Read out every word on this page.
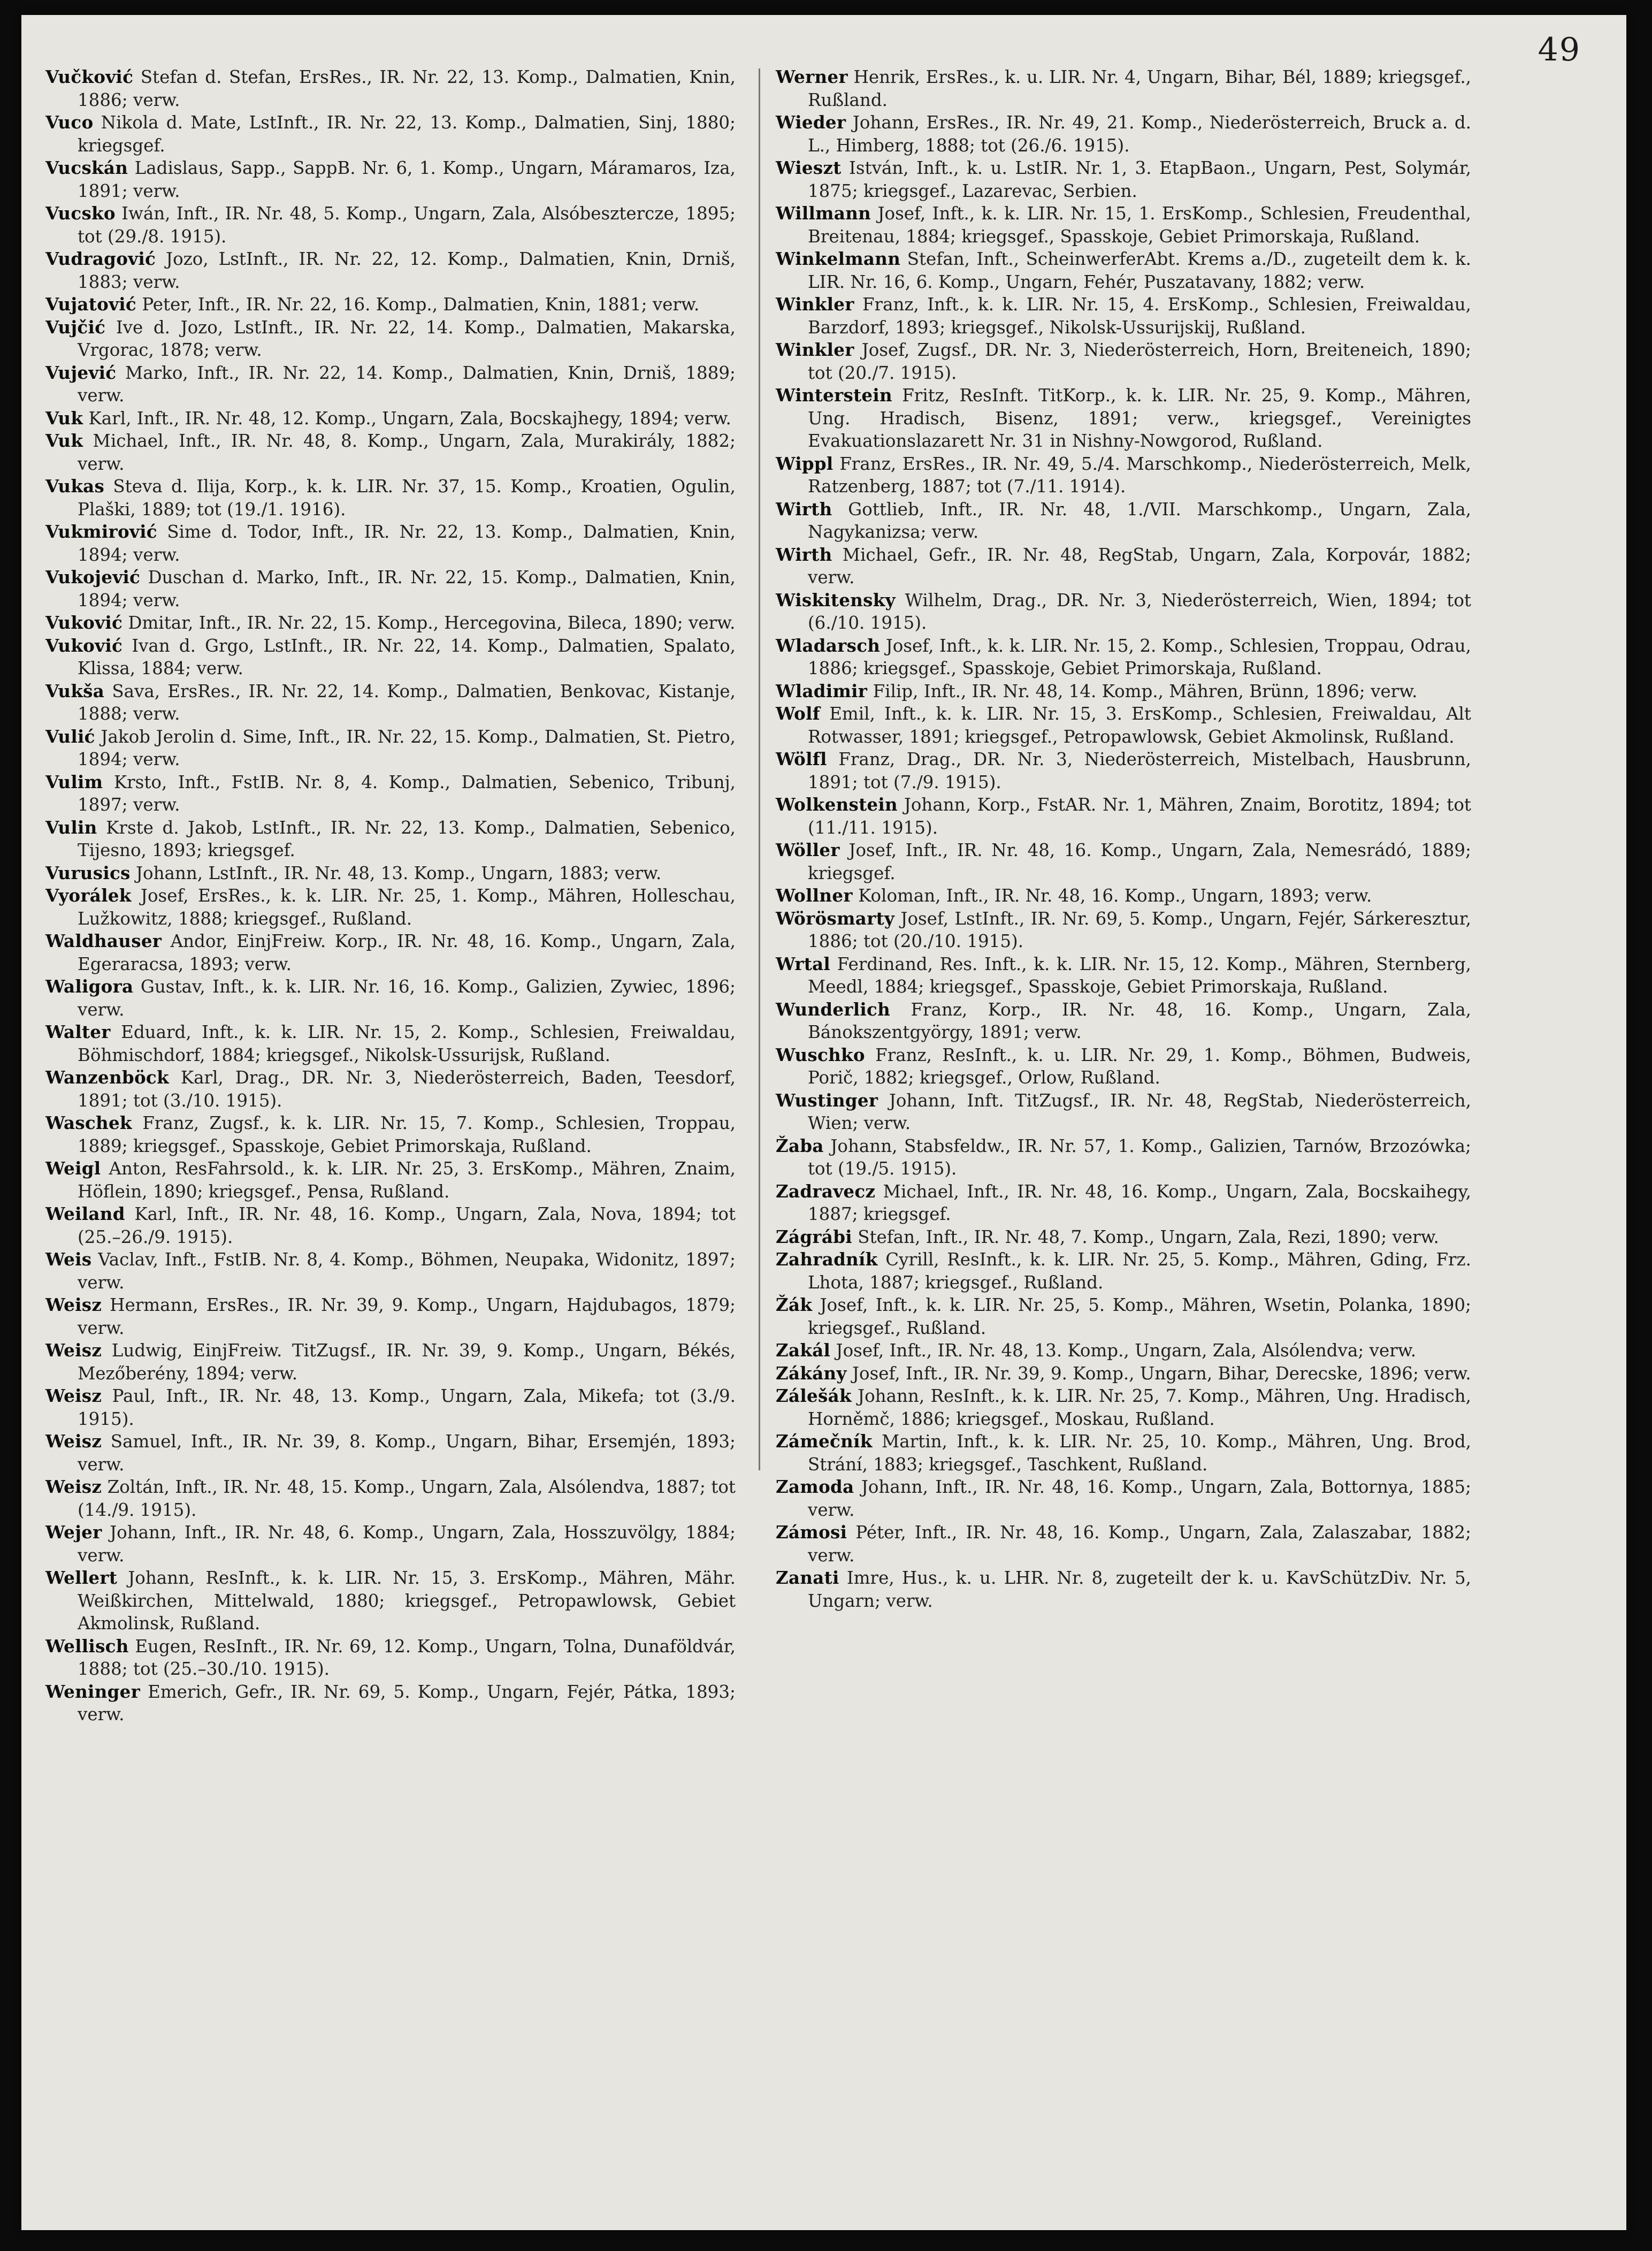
49

Vučković Stefan d. Stefan, ErsRes., IR. Nr. 22, 13. Komp., Dalmatien, Knin, 1886; verw.

Vuco Nikola d. Mate, LstInft., IR. Nr. 22, 13. Komp., Dalmatien, Sinj, 1880; kriegsgef.

Vucskán Ladislaus, Sapp., SappB. Nr. 6, 1. Komp., Ungarn, Máramaros, Iza, 1891; verw.

Vucsko Iwán, Inft., IR. Nr. 48, 5. Komp., Ungarn, Zala, Alsóbesztercze, 1895; tot (29./8. 1915).

Vudragović Jozo, LstInft., IR. Nr. 22, 12. Komp., Dalmatien, Knin, Drniš, 1883; verw.

Vujatović Peter, Inft., IR. Nr. 22, 16. Komp., Dalmatien, Knin, 1881; verw.

Vujčić Ive d. Jozo, LstInft., IR. Nr. 22, 14. Komp., Dalmatien, Makarska, Vrgorac, 1878; verw.

Vujević Marko, Inft., IR. Nr. 22, 14. Komp., Dalmatien, Knin, Drniš, 1889; verw.

Vuk Karl, Inft., IR. Nr. 48, 12. Komp., Ungarn, Zala, Bocskajhegy, 1894; verw.

Vuk Michael, Inft., IR. Nr. 48, 8. Komp., Ungarn, Zala, Murakirály, 1882; verw.

Vukas Steva d. Ilija, Korp., k. k. LIR. Nr. 37, 15. Komp., Kroatien, Ogulin, Plaški, 1889; tot (19./1. 1916).

Vukmirović Sime d. Todor, Inft., IR. Nr. 22, 13. Komp., Dalmatien, Knin, 1894; verw.

Vukojević Duschan d. Marko, Inft., IR. Nr. 22, 15. Komp., Dalmatien, Knin, 1894; verw.

Vuković Dmitar, Inft., IR. Nr. 22, 15. Komp., Hercegovina, Bileca, 1890; verw.

Vuković Ivan d. Grgo, LstInft., IR. Nr. 22, 14. Komp., Dalmatien, Spalato, Klissa, 1884; verw.

Vukša Sava, ErsRes., IR. Nr. 22, 14. Komp., Dalmatien, Benkovac, Kistanje, 1888; verw.

Vulić Jakob Jerolin d. Sime, Inft., IR. Nr. 22, 15. Komp., Dalmatien, St. Pietro, 1894; verw.

Vulim Krsto, Inft., FstIB. Nr. 8, 4. Komp., Dalmatien, Sebenico, Tribunj, 1897; verw.

Vulin Krste d. Jakob, LstInft., IR. Nr. 22, 13. Komp., Dalmatien, Sebenico, Tijesno, 1893; kriegsgef.

Vurusics Johann, LstInft., IR. Nr. 48, 13. Komp., Ungarn, 1883; verw.

Vyorálek Josef, ErsRes., k. k. LIR. Nr. 25, 1. Komp., Mähren, Holleschau, Lužkowitz, 1888; kriegsgef., Rußland.

Waldhauser Andor, EinjFreiw. Korp., IR. Nr. 48, 16. Komp., Ungarn, Zala, Egeraracsa, 1893; verw.

Waligora Gustav, Inft., k. k. LIR. Nr. 16, 16. Komp., Galizien, Zywiec, 1896; verw.

Walter Eduard, Inft., k. k. LIR. Nr. 15, 2. Komp., Schlesien, Freiwaldau, Böhmischdorf, 1884; kriegsgef., Nikolsk-Ussurijsk, Rußland.

Wanzenböck Karl, Drag., DR. Nr. 3, Niederösterreich, Baden, Teesdorf, 1891; tot (3./10. 1915).

Waschek Franz, Zugsf., k. k. LIR. Nr. 15, 7. Komp., Schlesien, Troppau, 1889; kriegsgef., Spasskoje, Gebiet Primorskaja, Rußland.

Weigl Anton, ResFahrsold., k. k. LIR. Nr. 25, 3. ErsKomp., Mähren, Znaim, Höflein, 1890; kriegsgef., Pensa, Rußland.

Weiland Karl, Inft., IR. Nr. 48, 16. Komp., Ungarn, Zala, Nova, 1894; tot (25.–26./9. 1915).

Weis Vaclav, Inft., FstIB. Nr. 8, 4. Komp., Böhmen, Neupaka, Widonitz, 1897; verw.

Weisz Hermann, ErsRes., IR. Nr. 39, 9. Komp., Ungarn, Hajdubagos, 1879; verw.

Weisz Ludwig, EinjFreiw. TitZugsf., IR. Nr. 39, 9. Komp., Ungarn, Békés, Mezőberény, 1894; verw.

Weisz Paul, Inft., IR. Nr. 48, 13. Komp., Ungarn, Zala, Mikefa; tot (3./9. 1915).

Weisz Samuel, Inft., IR. Nr. 39, 8. Komp., Ungarn, Bihar, Ersemjén, 1893; verw.

Weisz Zoltán, Inft., IR. Nr. 48, 15. Komp., Ungarn, Zala, Alsólendva, 1887; tot (14./9. 1915).

Wejer Johann, Inft., IR. Nr. 48, 6. Komp., Ungarn, Zala, Hosszuvölgy, 1884; verw.

Wellert Johann, ResInft., k. k. LIR. Nr. 15, 3. ErsKomp., Mähren, Mähr. Weißkirchen, Mittelwald, 1880; kriegsgef., Petropawlowsk, Gebiet Akmolinsk, Rußland.

Wellisch Eugen, ResInft., IR. Nr. 69, 12. Komp., Ungarn, Tolna, Dunaföldvár, 1888; tot (25.–30./10. 1915).

Weninger Emerich, Gefr., IR. Nr. 69, 5. Komp., Ungarn, Fejér, Pátka, 1893; verw.

Werner Henrik, ErsRes., k. u. LIR. Nr. 4, Ungarn, Bihar, Bél, 1889; kriegsgef., Rußland.

Wieder Johann, ErsRes., IR. Nr. 49, 21. Komp., Niederösterreich, Bruck a. d. L., Himberg, 1888; tot (26./6. 1915).

Wieszt István, Inft., k. u. LstIR. Nr. 1, 3. EtapBaon., Ungarn, Pest, Solymár, 1875; kriegsgef., Lazarevac, Serbien.

Willmann Josef, Inft., k. k. LIR. Nr. 15, 1. ErsKomp., Schlesien, Freudenthal, Breitenau, 1884; kriegsgef., Spasskoje, Gebiet Primorskaja, Rußland.

Winkelmann Stefan, Inft., ScheinwerferAbt. Krems a./D., zugeteilt dem k. k. LIR. Nr. 16, 6. Komp., Ungarn, Fehér, Puszatavany, 1882; verw.

Winkler Franz, Inft., k. k. LIR. Nr. 15, 4. ErsKomp., Schlesien, Freiwaldau, Barzdorf, 1893; kriegsgef., Nikolsk-Ussurijskij, Rußland.

Winkler Josef, Zugsf., DR. Nr. 3, Niederösterreich, Horn, Breiteneich, 1890; tot (20./7. 1915).

Winterstein Fritz, ResInft. TitKorp., k. k. LIR. Nr. 25, 9. Komp., Mähren, Ung. Hradisch, Bisenz, 1891; verw., kriegsgef., Vereinigtes Evakuationslazarett Nr. 31 in Nishny-Nowgorod, Rußland.

Wippl Franz, ErsRes., IR. Nr. 49, 5./4. Marschkomp., Niederösterreich, Melk, Ratzenberg, 1887; tot (7./11. 1914).

Wirth Gottlieb, Inft., IR. Nr. 48, 1./VII. Marschkomp., Ungarn, Zala, Nagykanizsa; verw.

Wirth Michael, Gefr., IR. Nr. 48, RegStab, Ungarn, Zala, Korpovár, 1882; verw.

Wiskitensky Wilhelm, Drag., DR. Nr. 3, Niederösterreich, Wien, 1894; tot (6./10. 1915).

Wladarsch Josef, Inft., k. k. LIR. Nr. 15, 2. Komp., Schlesien, Troppau, Odrau, 1886; kriegsgef., Spasskoje, Gebiet Primorskaja, Rußland.

Wladimir Filip, Inft., IR. Nr. 48, 14. Komp., Mähren, Brünn, 1896; verw.

Wolf Emil, Inft., k. k. LIR. Nr. 15, 3. ErsKomp., Schlesien, Freiwaldau, Alt Rotwasser, 1891; kriegsgef., Petropawlowsk, Gebiet Akmolinsk, Rußland.

Wölfl Franz, Drag., DR. Nr. 3, Niederösterreich, Mistelbach, Hausbrunn, 1891; tot (7./9. 1915).

Wolkenstein Johann, Korp., FstAR. Nr. 1, Mähren, Znaim, Borotitz, 1894; tot (11./11. 1915).

Wöller Josef, Inft., IR. Nr. 48, 16. Komp., Ungarn, Zala, Nemesrádó, 1889; kriegsgef.

Wollner Koloman, Inft., IR. Nr. 48, 16. Komp., Ungarn, 1893; verw.

Wörösmarty Josef, LstInft., IR. Nr. 69, 5. Komp., Ungarn, Fejér, Sárkeresztur, 1886; tot (20./10. 1915).

Wrtal Ferdinand, Res. Inft., k. k. LIR. Nr. 15, 12. Komp., Mähren, Sternberg, Meedl, 1884; kriegsgef., Spasskoje, Gebiet Primorskaja, Rußland.

Wunderlich Franz, Korp., IR. Nr. 48, 16. Komp., Ungarn, Zala, Bánokszentgyörgy, 1891; verw.

Wuschko Franz, ResInft., k. u. LIR. Nr. 29, 1. Komp., Böhmen, Budweis, Porič, 1882; kriegsgef., Orlow, Rußland.

Wustinger Johann, Inft. TitZugsf., IR. Nr. 48, RegStab, Niederösterreich, Wien; verw.

Žaba Johann, Stabsfeldw., IR. Nr. 57, 1. Komp., Galizien, Tarnów, Brzozówka; tot (19./5. 1915).

Zadravecz Michael, Inft., IR. Nr. 48, 16. Komp., Ungarn, Zala, Bocskaihegy, 1887; kriegsgef.

Zágrábi Stefan, Inft., IR. Nr. 48, 7. Komp., Ungarn, Zala, Rezi, 1890; verw.

Zahradník Cyrill, ResInft., k. k. LIR. Nr. 25, 5. Komp., Mähren, Gding, Frz. Lhota, 1887; kriegsgef., Rußland.

Žák Josef, Inft., k. k. LIR. Nr. 25, 5. Komp., Mähren, Wsetin, Polanka, 1890; kriegsgef., Rußland.

Zakál Josef, Inft., IR. Nr. 48, 13. Komp., Ungarn, Zala, Alsólendva; verw.

Zákány Josef, Inft., IR. Nr. 39, 9. Komp., Ungarn, Bihar, Derecske, 1896; verw.

Zálešák Johann, ResInft., k. k. LIR. Nr. 25, 7. Komp., Mähren, Ung. Hradisch, Horněmč, 1886; kriegsgef., Moskau, Rußland.

Zámečník Martin, Inft., k. k. LIR. Nr. 25, 10. Komp., Mähren, Ung. Brod, Strání, 1883; kriegsgef., Taschkent, Rußland.

Zamoda Johann, Inft., IR. Nr. 48, 16. Komp., Ungarn, Zala, Bottornya, 1885; verw.

Zámosi Péter, Inft., IR. Nr. 48, 16. Komp., Ungarn, Zala, Zalaszabar, 1882; verw.

Zanati Imre, Hus., k. u. LHR. Nr. 8, zugeteilt der k. u. KavSchützDiv. Nr. 5, Ungarn; verw.
